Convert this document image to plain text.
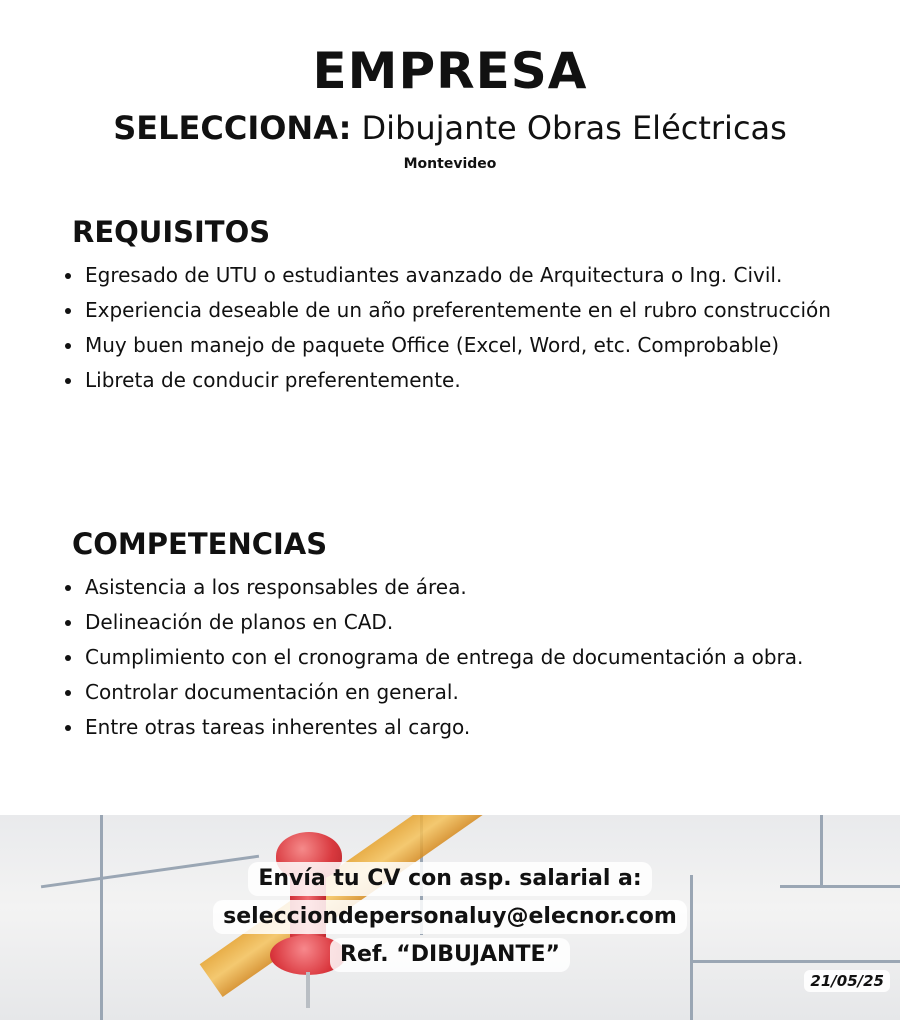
EMPRESA
SELECCIONA: Dibujante Obras Eléctricas
Montevideo
REQUISITOS
Egresado de UTU o estudiantes avanzado de Arquitectura o Ing. Civil.
Experiencia deseable de un año preferentemente en el rubro construcción
Muy buen manejo de paquete Office (Excel, Word, etc. Comprobable)
Libreta de conducir preferentemente.
COMPETENCIAS
Asistencia a los responsables de área.
Delineación de planos en CAD.
Cumplimiento con el cronograma de entrega de documentación a obra.
Controlar documentación en general.
Entre otras tareas inherentes al cargo.
Envía tu CV con asp. salarial a:
selecciondepersonaluy@elecnor.com
Ref. “DIBUJANTE”
21/05/25
